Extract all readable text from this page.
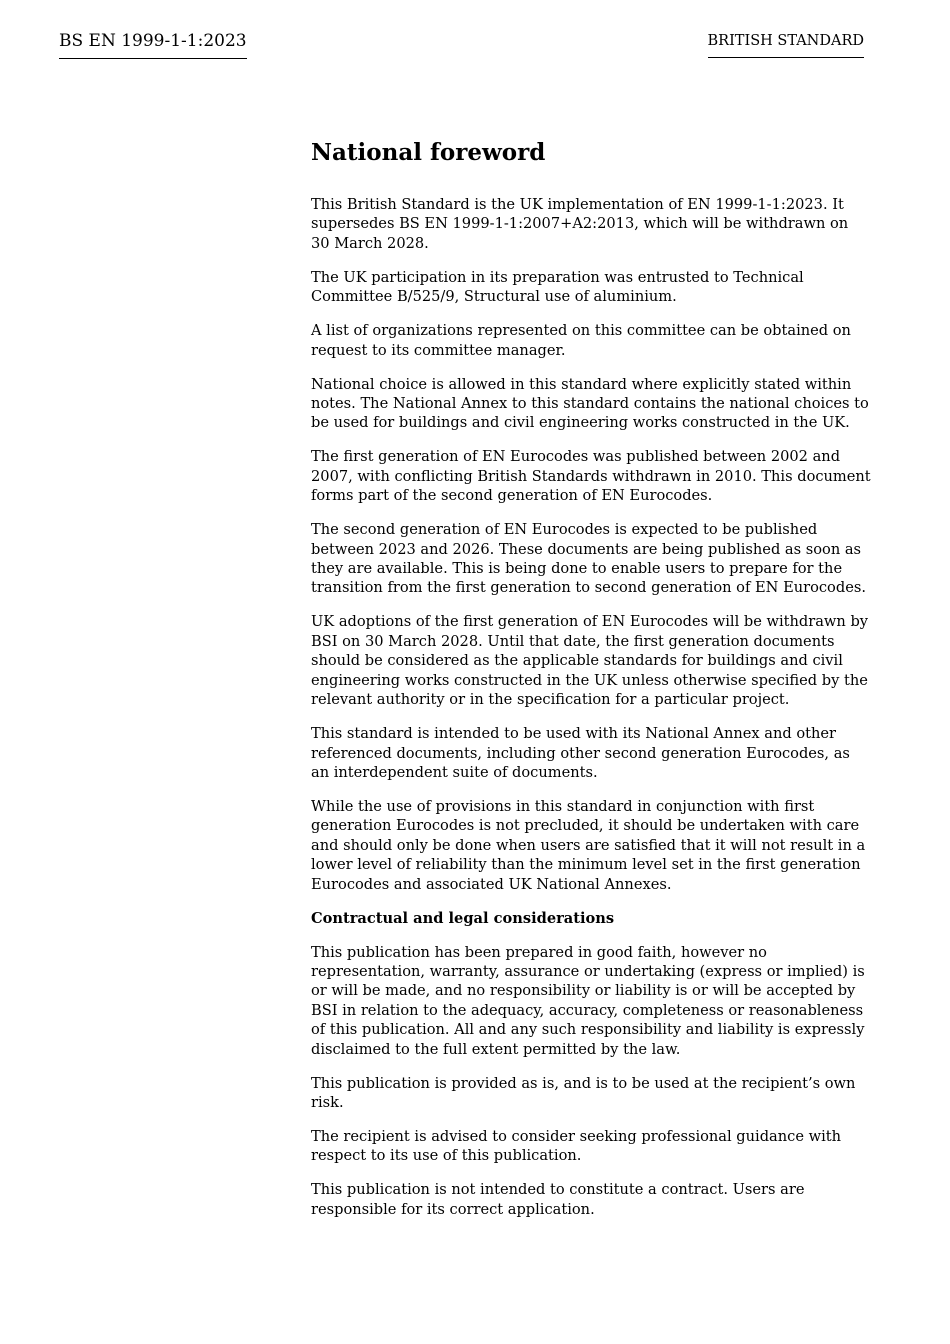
BS EN 1999-1-1:2023	BRITISH STANDARD
National foreword

This British Standard is the UK implementation of EN 1999-1-1:2023. It supersedes BS EN 1999-1-1:2007+A2:2013, which will be withdrawn on 30 March 2028.

The UK participation in its preparation was entrusted to Technical Committee B/525/9, Structural use of aluminium.

A list of organizations represented on this committee can be obtained on request to its committee manager.

National choice is allowed in this standard where explicitly stated within notes. The National Annex to this standard contains the national choices to be used for buildings and civil engineering works constructed in the UK.

The first generation of EN Eurocodes was published between 2002 and 2007, with conflicting British Standards withdrawn in 2010. This document forms part of the second generation of EN Eurocodes.

The second generation of EN Eurocodes is expected to be published between 2023 and 2026. These documents are being published as soon as they are available. This is being done to enable users to prepare for the transition from the first generation to second generation of EN Eurocodes.

UK adoptions of the first generation of EN Eurocodes will be withdrawn by BSI on 30 March 2028. Until that date, the first generation documents should be considered as the applicable standards for buildings and civil engineering works constructed in the UK unless otherwise specified by the relevant authority or in the specification for a particular project.

This standard is intended to be used with its National Annex and other referenced documents, including other second generation Eurocodes, as an interdependent suite of documents.

While the use of provisions in this standard in conjunction with first generation Eurocodes is not precluded, it should be undertaken with care and should only be done when users are satisfied that it will not result in a lower level of reliability than the minimum level set in the first generation Eurocodes and associated UK National Annexes.

Contractual and legal considerations

This publication has been prepared in good faith, however no representation, warranty, assurance or undertaking (express or implied) is or will be made, and no responsibility or liability is or will be accepted by BSI in relation to the adequacy, accuracy, completeness or reasonableness of this publication. All and any such responsibility and liability is expressly disclaimed to the full extent permitted by the law.

This publication is provided as is, and is to be used at the recipient’s own risk.

The recipient is advised to consider seeking professional guidance with respect to its use of this publication.

This publication is not intended to constitute a contract. Users are responsible for its correct application.
